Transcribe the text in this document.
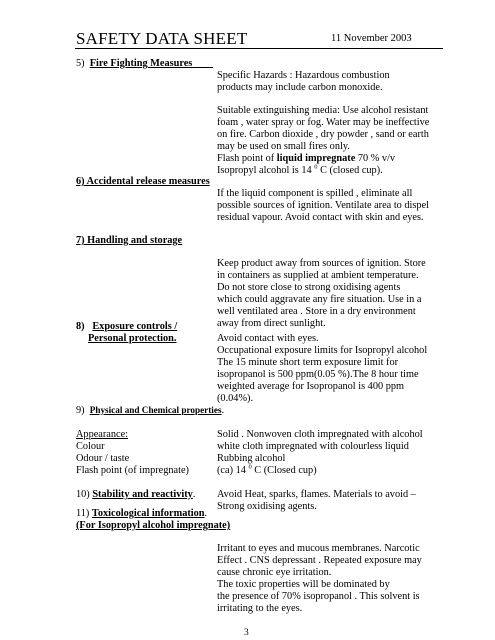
SAFETY DATA SHEET	11 November 2003
5) Fire Fighting Measures
Specific Hazards : Hazardous combustion
products may include carbon monoxide.
Suitable extinguishing media: Use alcohol resistant
foam , water spray or fog. Water may be ineffective
on fire. Carbon dioxide , dry powder , sand or earth
may be used on small fires only.
Flash point of liquid impregnate 70 % v/v
Isopropyl alcohol is 14 $^0$ C (closed cup).
6) Accidental release measures
If the liquid component is spilled , eliminate all
possible sources of ignition. Ventilate area to dispel
residual vapour. Avoid contact with skin and eyes.
7) Handling and storage
Keep product away from sources of ignition. Store
in containers as supplied at ambient temperature.
Do not store close to strong oxidising agents
which could aggravate any fire situation. Use in a
well ventilated area . Store in a dry environment
away from direct sunlight.
8) Exposure controls /
Personal protection.	Avoid contact with eyes.
Occupational exposure limits for Isopropyl alcohol
The 15 minute short term exposure limit for
isopropanol is 500 ppm(0.05 %).The 8 hour time
weighted average for Isopropanol is 400 ppm
(0.04%).
9) Physical and Chemical properties.
Appearance:	Solid . Nonwoven cloth impregnated with alcohol
Colour	white cloth impregnated with colourless liquid
Odour / taste	Rubbing alcohol
Flash point (of impregnate)	(ca) 14 $^0$ C (Closed cup)
10) Stability and reactivity. Avoid Heat, sparks, flames. Materials to avoid –
Strong oxidising agents.
11) Toxicological information.
(For Isopropyl alcohol impregnate)
Irritant to eyes and mucous membranes. Narcotic
Effect . CNS depressant . Repeated exposure may
cause chronic eye irritation.
The toxic properties will be dominated by
the presence of 70% isopropanol . This solvent is
irritating to the eyes.
3
